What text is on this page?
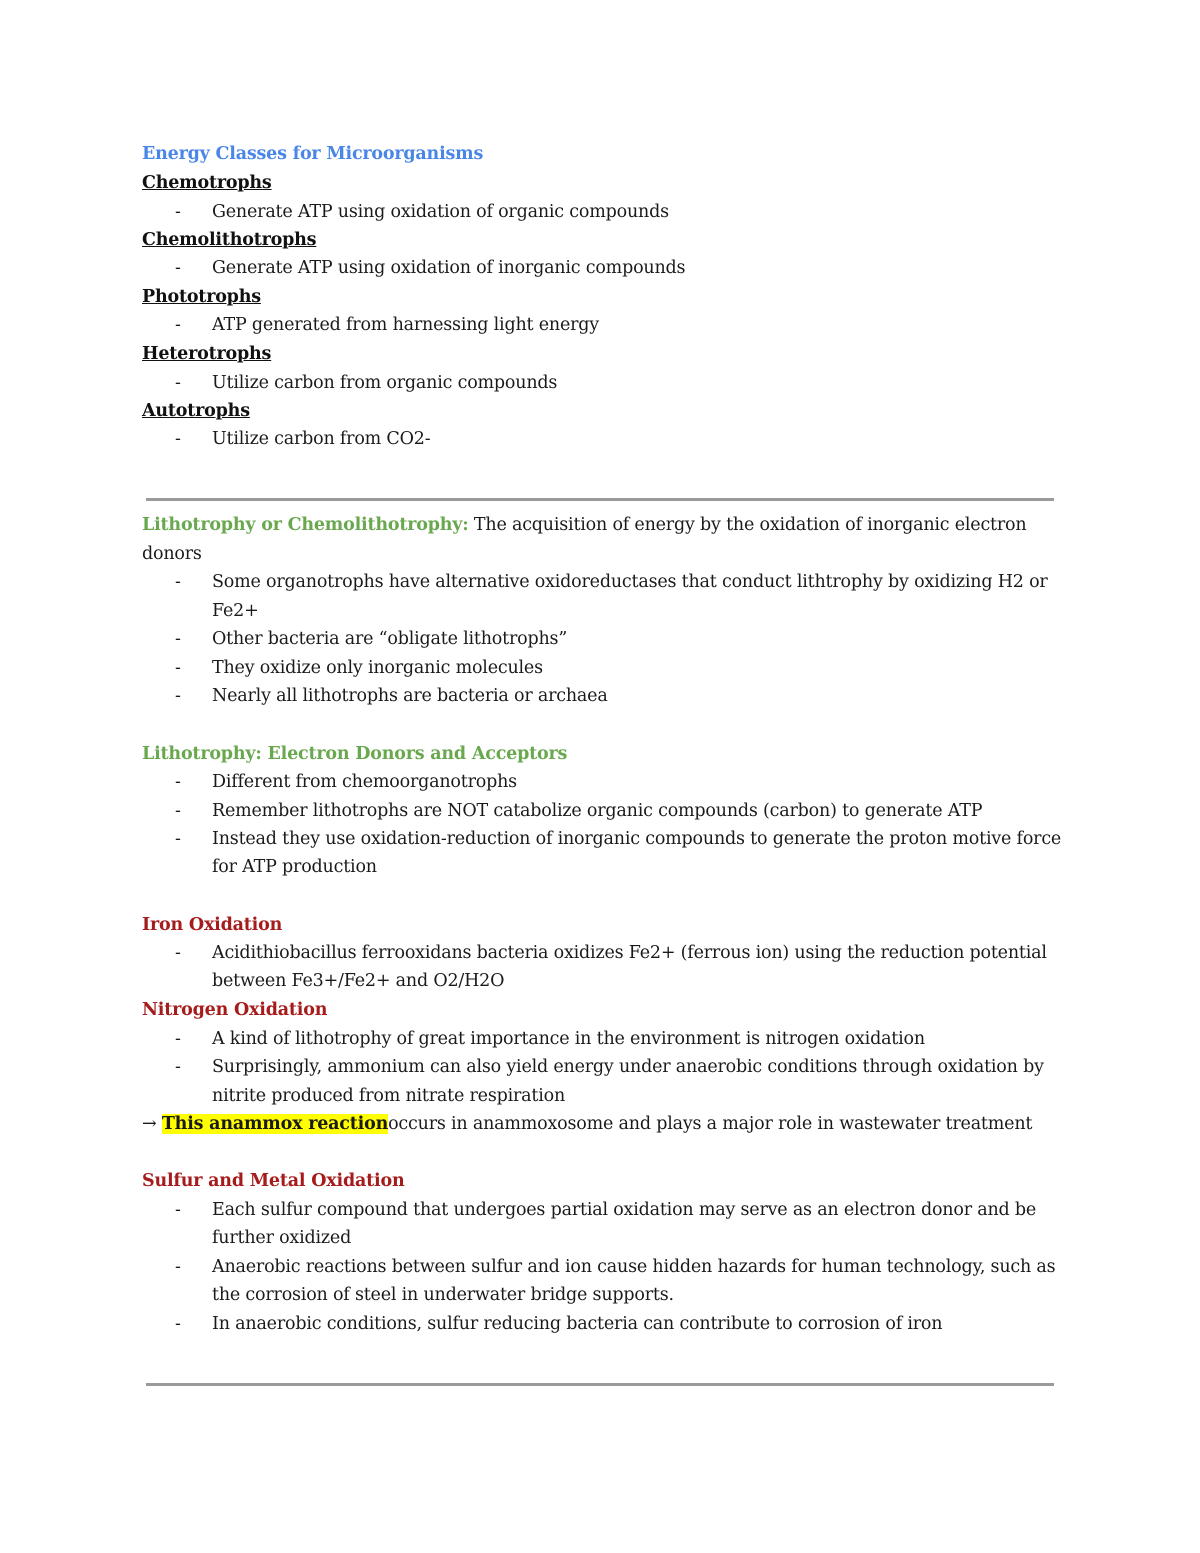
Energy Classes for Microorganisms
Chemotrophs
- Generate ATP using oxidation of organic compounds
Chemolithotrophs
- Generate ATP using oxidation of inorganic compounds
Phototrophs
- ATP generated from harnessing light energy
Heterotrophs
- Utilize carbon from organic compounds
Autotrophs
- Utilize carbon from CO2-
Lithotrophy or Chemolithotrophy: The acquisition of energy by the oxidation of inorganic electron
donors
- Some organotrophs have alternative oxidoreductases that conduct lithtrophy by oxidizing H2 or
Fe2+
- Other bacteria are “obligate lithotrophs”
- They oxidize only inorganic molecules
- Nearly all lithotrophs are bacteria or archaea
Lithotrophy: Electron Donors and Acceptors
- Different from chemoorganotrophs
- Remember lithotrophs are NOT catabolize organic compounds (carbon) to generate ATP
- Instead they use oxidation-reduction of inorganic compounds to generate the proton motive force
for ATP production
Iron Oxidation
- Acidithiobacillus ferrooxidans bacteria oxidizes Fe2+ (ferrous ion) using the reduction potential
between Fe3+/Fe2+ and O2/H2O
Nitrogen Oxidation
- A kind of lithotrophy of great importance in the environment is nitrogen oxidation
- Surprisingly, ammonium can also yield energy under anaerobic conditions through oxidation by
nitrite produced from nitrate respiration
→ This anammox reactionoccurs in anammoxosome and plays a major role in wastewater treatment
Sulfur and Metal Oxidation
- Each sulfur compound that undergoes partial oxidation may serve as an electron donor and be
further oxidized
- Anaerobic reactions between sulfur and ion cause hidden hazards for human technology, such as
the corrosion of steel in underwater bridge supports.
- In anaerobic conditions, sulfur reducing bacteria can contribute to corrosion of iron
